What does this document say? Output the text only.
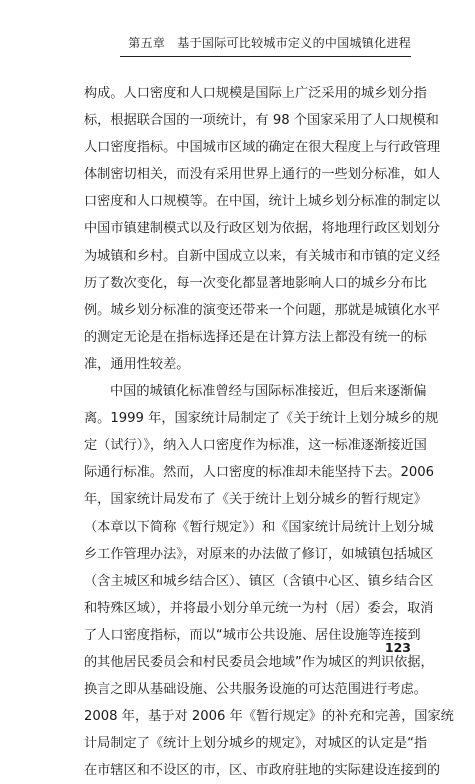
第五章 基于国际可比较城市定义的中国城镇化进程
构成。人口密度和人口规模是国际上广泛采用的城乡划分指
标，根据联合国的一项统计，有 98 个国家采用了人口规模和
人口密度指标。中国城市区域的确定在很大程度上与行政管理
体制密切相关，而没有采用世界上通行的一些划分标准，如人
口密度和人口规模等。在中国，统计上城乡划分标准的制定以
中国市镇建制模式以及行政区划为依据，将地理行政区划划分
为城镇和乡村。自新中国成立以来，有关城市和市镇的定义经
历了数次变化，每一次变化都显著地影响人口的城乡分布比
例。城乡划分标准的演变还带来一个问题，那就是城镇化水平
的测定无论是在指标选择还是在计算方法上都没有统一的标
准，通用性较差。
中国的城镇化标准曾经与国际标准接近，但后来逐渐偏
离。1999 年，国家统计局制定了《关于统计上划分城乡的规
定（试行）》，纳入人口密度作为标准，这一标准逐渐接近国
际通行标准。然而，人口密度的标准却未能坚持下去。2006
年，国家统计局发布了《关于统计上划分城乡的暂行规定》
（本章以下简称《暂行规定》）和《国家统计局统计上划分城
乡工作管理办法》，对原来的办法做了修订，如城镇包括城区
（含主城区和城乡结合区）、镇区（含镇中心区、镇乡结合区
和特殊区域），并将最小划分单元统一为村（居）委会，取消
了人口密度指标，而以“城市公共设施、居住设施等连接到
的其他居民委员会和村民委员会地域”作为城区的判识依据，
换言之即从基础设施、公共服务设施的可达范围进行考虑。
2008 年，基于对 2006 年《暂行规定》的补充和完善，国家统
计局制定了《统计上划分城乡的规定》，对城区的认定是“指
在市辖区和不设区的市，区、市政府驻地的实际建设连接到的
123
